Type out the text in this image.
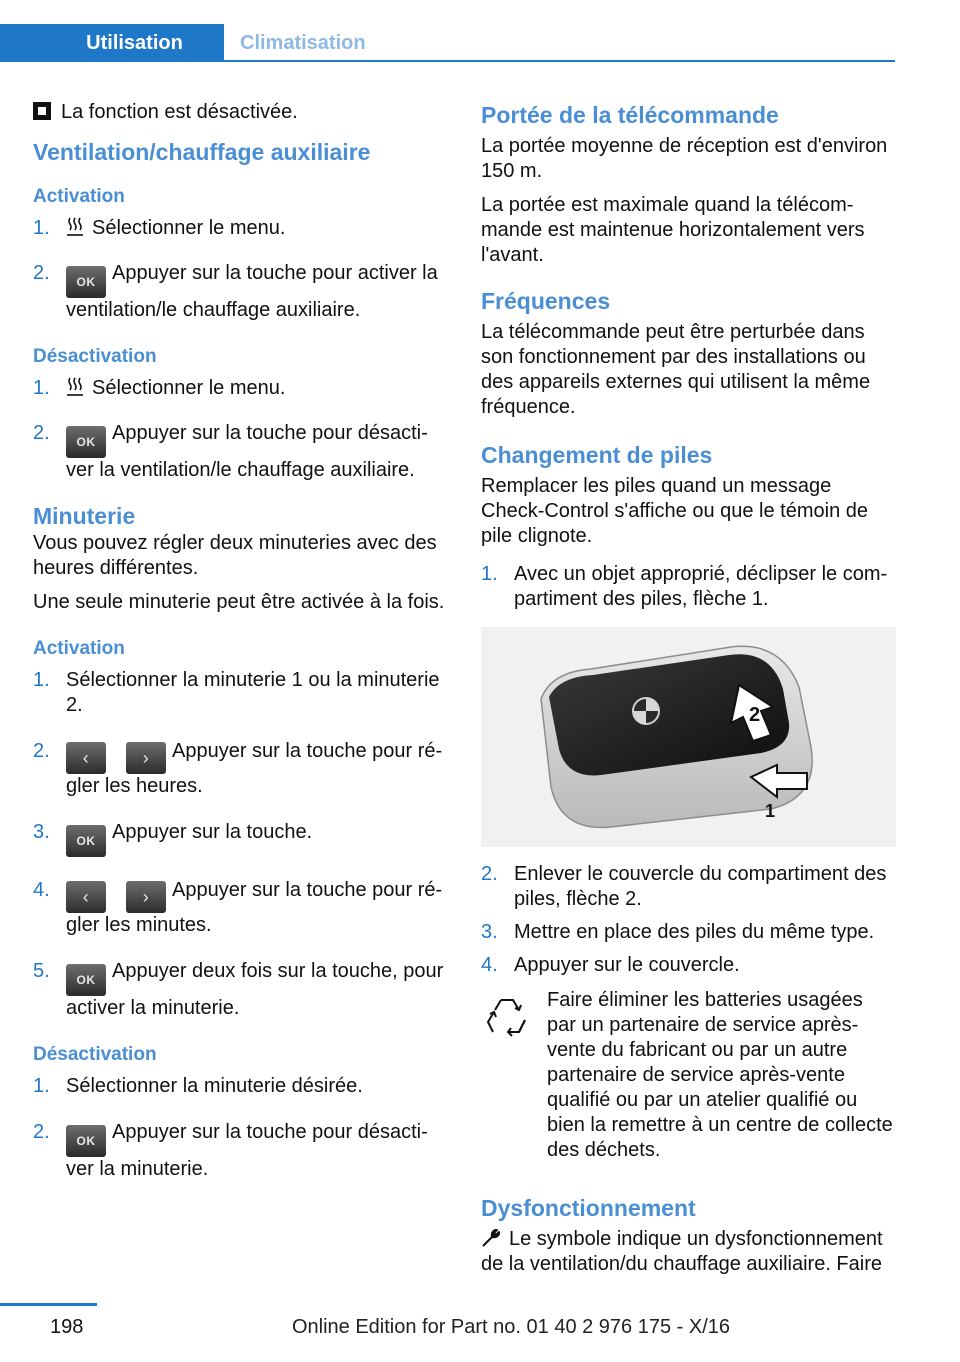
Utilisation	Climatisation

La fonction est désactivée.

Ventilation/chauffage auxiliaire
Activation
1. Sélectionner le menu.
2. OK Appuyer sur la touche pour activer la ventilation/le chauffage auxiliaire.
Désactivation
1. Sélectionner le menu.
2. OK Appuyer sur la touche pour désactiver la ventilation/le chauffage auxiliaire.
Minuterie

Vous pouvez régler deux minuteries avec des heures différentes.

Une seule minuterie peut être activée à la fois.

Activation
1. Sélectionner la minuterie 1 ou la minuterie 2.
2. ‹	› Appuyer sur la touche pour régler les heures.
3. OK Appuyer sur la touche.
4. ‹	› Appuyer sur la touche pour régler les minutes.
5. OK Appuyer deux fois sur la touche, pour activer la minuterie.
Désactivation
1. Sélectionner la minuterie désirée.
2. OK Appuyer sur la touche pour désactiver la minuterie.
Portée de la télécommande

La portée moyenne de réception est d'environ 150 m.

La portée est maximale quand la télécommande est maintenue horizontalement vers l'avant.

Fréquences

La télécommande peut être perturbée dans son fonctionnement par des installations ou des appareils externes qui utilisent la même fréquence.

Changement de piles

Remplacer les piles quand un message Check-Control s'affiche ou que le témoin de pile clignote.

1. Avec un objet approprié, déclipser le compartiment des piles, flèche 1.
2
1
2. Enlever le couvercle du compartiment des piles, flèche 2.
3. Mettre en place des piles du même type.
4. Appuyer sur le couvercle.

Faire éliminer les batteries usagées par un partenaire de service après-vente du fabricant ou par un autre partenaire de service après-vente qualifié ou par un atelier qualifié ou bien la remettre à un centre de collecte des déchets.

Dysfonctionnement

Le symbole indique un dysfonctionnement de la ventilation/du chauffage auxiliaire. Faire

198	Online Edition for Part no. 01 40 2 976 175 - X/16
